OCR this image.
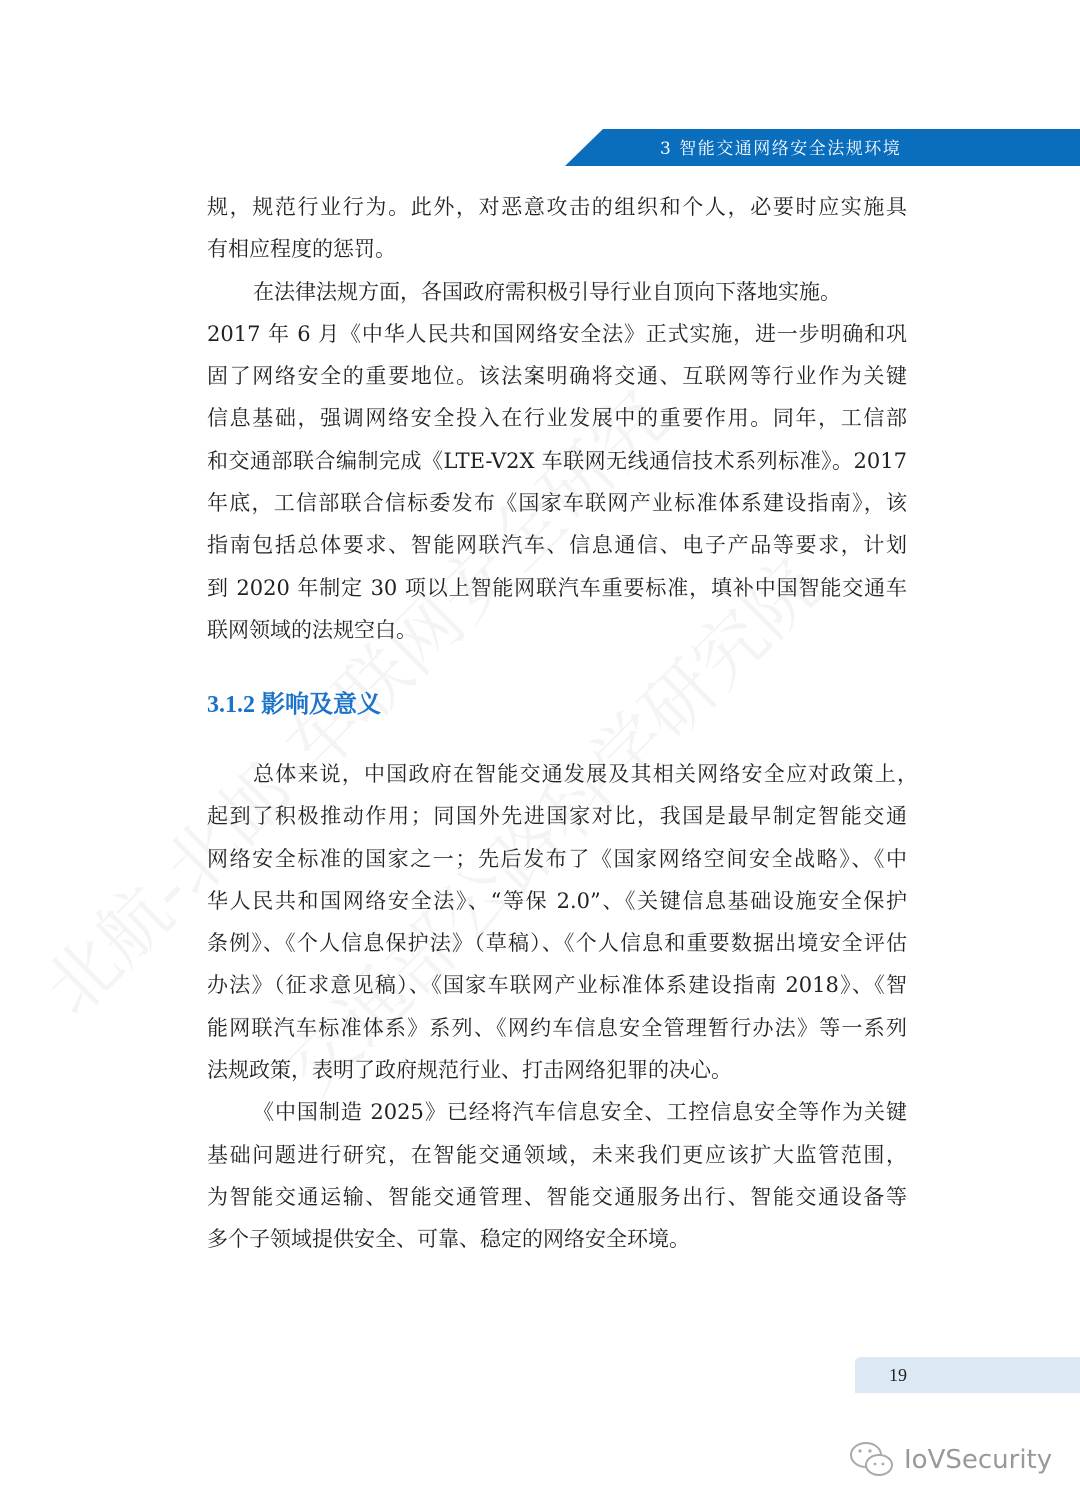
3 智能交通网络安全法规环境
规，规范行业行为。此外，对恶意攻击的组织和个人，必要时应实施具
有相应程度的惩罚。
在法律法规方面，各国政府需积极引导行业自顶向下落地实施。
2017 年 6 月《中华人民共和国网络安全法》正式实施，进一步明确和巩
固了网络安全的重要地位。该法案明确将交通、互联网等行业作为关键
信息基础，强调网络安全投入在行业发展中的重要作用。同年，工信部
和交通部联合编制完成《LTE-V2X 车联网无线通信技术系列标准》。2017
年底，工信部联合信标委发布《国家车联网产业标准体系建设指南》，该
指南包括总体要求、智能网联汽车、信息通信、电子产品等要求，计划
到 2020 年制定 30 项以上智能网联汽车重要标准，填补中国智能交通车
联网领域的法规空白。
3.1.2 影响及意义
总体来说，中国政府在智能交通发展及其相关网络安全应对政策上，
起到了积极推动作用；同国外先进国家对比，我国是最早制定智能交通
网络安全标准的国家之一；先后发布了《国家网络空间安全战略》、《中
华人民共和国网络安全法》、“等保 2.0”、《关键信息基础设施安全保护
条例》、《个人信息保护法》（草稿）、《个人信息和重要数据出境安全评估
办法》（征求意见稿）、《国家车联网产业标准体系建设指南 2018》、《智
能网联汽车标准体系》系列、《网约车信息安全管理暂行办法》等一系列
法规政策，表明了政府规范行业、打击网络犯罪的决心。
《中国制造 2025》已经将汽车信息安全、工控信息安全等作为关键
基础问题进行研究，在智能交通领域，未来我们更应该扩大监管范围，
为智能交通运输、智能交通管理、智能交通服务出行、智能交通设备等
多个子领域提供安全、可靠、稳定的网络安全环境。
19
IoVSecurity
